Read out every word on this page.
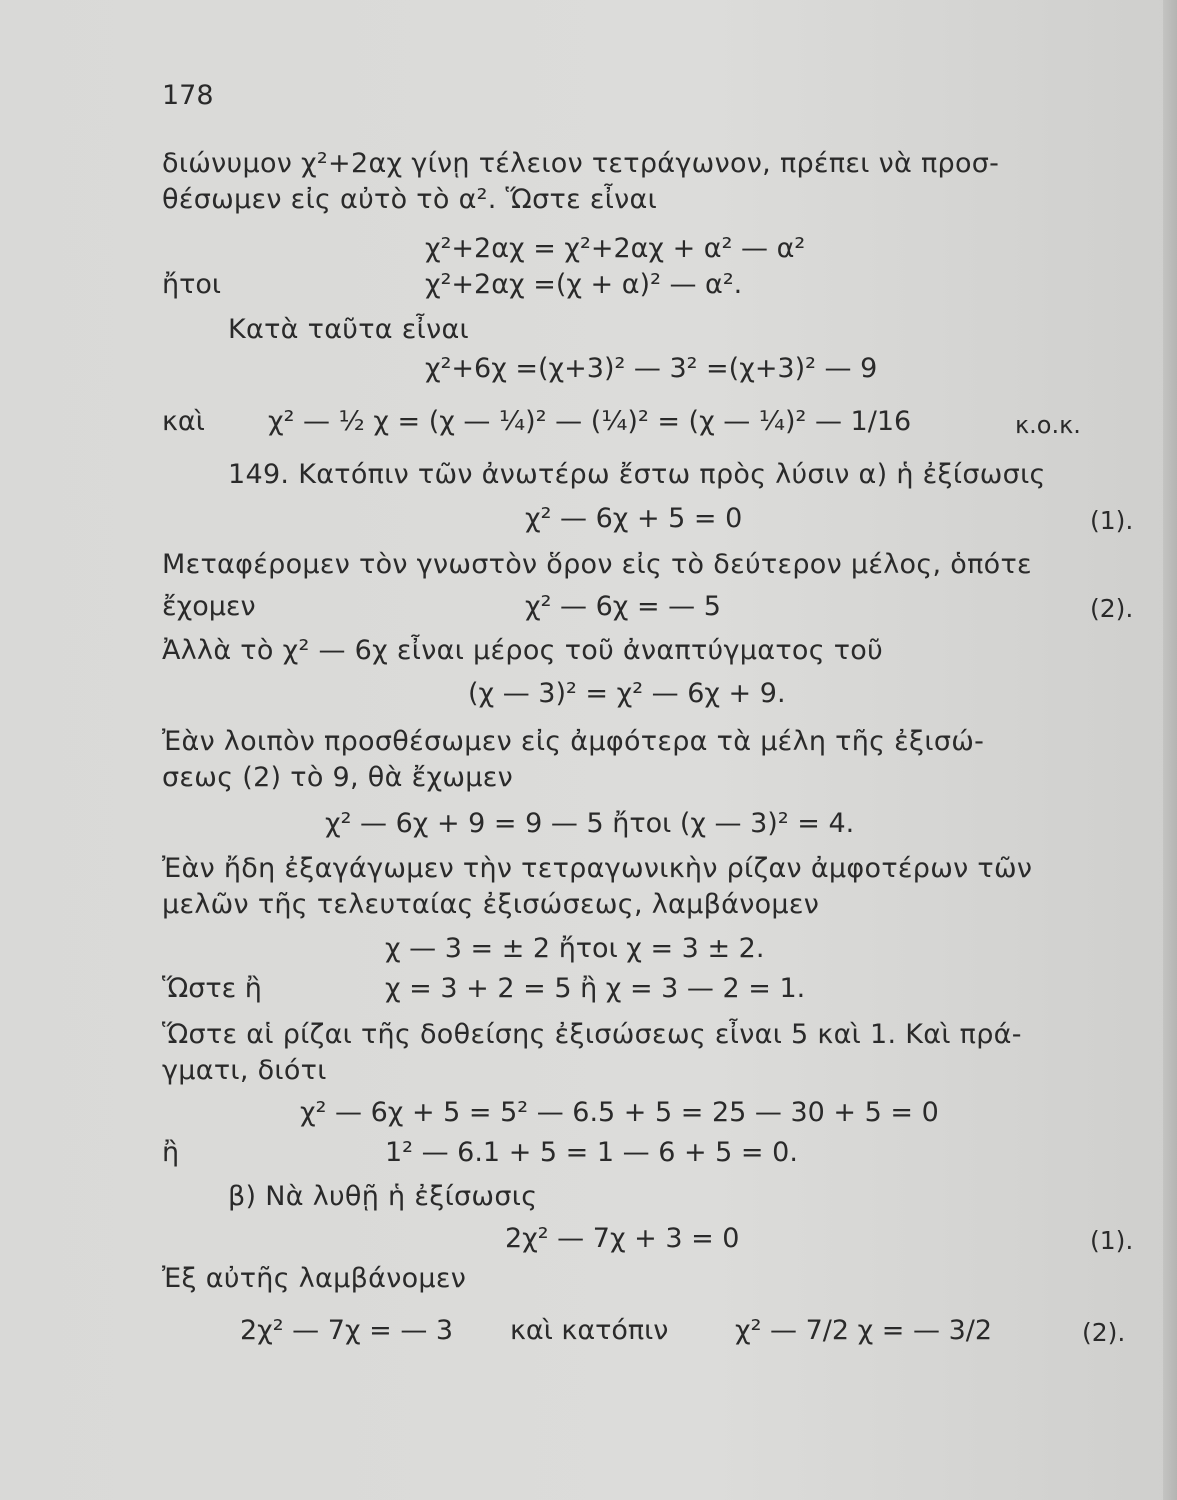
178
διώνυμον χ²+2αχ γίνῃ τέλειον τετράγωνον, πρέπει νὰ προσ-
θέσωμεν εἰς αὐτὸ τὸ α². Ὥστε εἶναι
χ²+2αχ = χ²+2αχ + α² — α²
ἤτοι	χ²+2αχ =(χ + α)² — α².
Κατὰ ταῦτα εἶναι
χ²+6χ =(χ+3)² — 3² =(χ+3)² — 9
καὶ χ² — ½ χ = (χ — ¼)² — (¼)² = (χ — ¼)² — 1/16	κ.ο.κ.
149. Κατόπιν τῶν ἀνωτέρω ἔστω πρὸς λύσιν α) ἡ ἐξίσωσις
χ² — 6χ + 5 = 0	(1).
Μεταφέρομεν τὸν γνωστὸν ὅρον εἰς τὸ δεύτερον μέλος, ὁπότε
ἔχομεν	χ² — 6χ = — 5	(2).
Ἀλλὰ τὸ χ² — 6χ εἶναι μέρος τοῦ ἀναπτύγματος τοῦ
(χ — 3)² = χ² — 6χ + 9.
Ἐὰν λοιπὸν προσθέσωμεν εἰς ἀμφότερα τὰ μέλη τῆς ἐξισώ-
σεως (2) τὸ 9, θὰ ἔχωμεν
χ² — 6χ + 9 = 9 — 5 ἤτοι (χ — 3)² = 4.
Ἐὰν ἤδη ἐξαγάγωμεν τὴν τετραγωνικὴν ρίζαν ἀμφοτέρων τῶν
μελῶν τῆς τελευταίας ἐξισώσεως, λαμβάνομεν
χ — 3 = ± 2 ἤτοι χ = 3 ± 2.
Ὥστε ἢ	χ = 3 + 2 = 5 ἢ χ = 3 — 2 = 1.
Ὥστε αἱ ρίζαι τῆς δοθείσης ἐξισώσεως εἶναι 5 καὶ 1. Καὶ πρά-
γματι, διότι
χ² — 6χ + 5 = 5² — 6.5 + 5 = 25 — 30 + 5 = 0
ἢ	1² — 6.1 + 5 = 1 — 6 + 5 = 0.
β) Νὰ λυθῇ ἡ ἐξίσωσις
2χ² — 7χ + 3 = 0	(1).
Ἐξ αὐτῆς λαμβάνομεν
2χ² — 7χ = — 3 καὶ κατόπιν χ² — 7/2 χ = — 3/2	(2).
